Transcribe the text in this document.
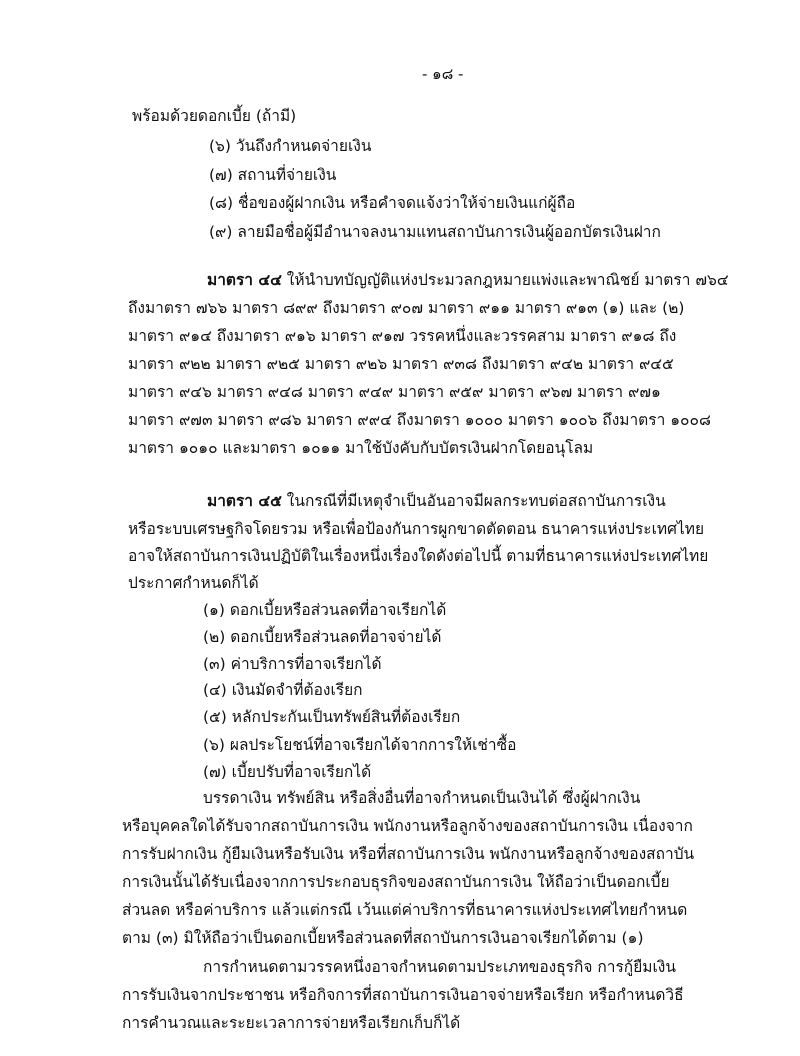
- ๑๘ -
พร้อมด้วยดอกเบี้ย (ถ้ามี)
(๖) วันถึงกำหนดจ่ายเงิน
(๗) สถานที่จ่ายเงิน
(๘) ชื่อของผู้ฝากเงิน หรือคำจดแจ้งว่าให้จ่ายเงินแก่ผู้ถือ
(๙) ลายมือชื่อผู้มีอำนาจลงนามแทนสถาบันการเงินผู้ออกบัตรเงินฝาก
มาตรา ๔๔ ให้นำบทบัญญัติแห่งประมวลกฎหมายแพ่งและพาณิชย์ มาตรา ๗๖๔
ถึงมาตรา ๗๖๖ มาตรา ๘๙๙ ถึงมาตรา ๙๐๗ มาตรา ๙๑๑ มาตรา ๙๑๓ (๑) และ (๒)
มาตรา ๙๑๔ ถึงมาตรา ๙๑๖ มาตรา ๙๑๗ วรรคหนึ่งและวรรคสาม มาตรา ๙๑๘ ถึง
มาตรา ๙๒๒ มาตรา ๙๒๕ มาตรา ๙๒๖ มาตรา ๙๓๘ ถึงมาตรา ๙๔๒ มาตรา ๙๔๕
มาตรา ๙๔๖ มาตรา ๙๔๘ มาตรา ๙๔๙ มาตรา ๙๕๙ มาตรา ๙๖๗ มาตรา ๙๗๑
มาตรา ๙๗๓ มาตรา ๙๘๖ มาตรา ๙๙๔ ถึงมาตรา ๑๐๐๐ มาตรา ๑๐๐๖ ถึงมาตรา ๑๐๐๘
มาตรา ๑๐๑๐ และมาตรา ๑๐๑๑ มาใช้บังคับกับบัตรเงินฝากโดยอนุโลม
มาตรา ๔๕ ในกรณีที่มีเหตุจำเป็นอันอาจมีผลกระทบต่อสถาบันการเงิน
หรือระบบเศรษฐกิจโดยรวม หรือเพื่อป้องกันการผูกขาดตัดตอน ธนาคารแห่งประเทศไทย
อาจให้สถาบันการเงินปฏิบัติในเรื่องหนึ่งเรื่องใดดังต่อไปนี้ ตามที่ธนาคารแห่งประเทศไทย
ประกาศกำหนดก็ได้
(๑) ดอกเบี้ยหรือส่วนลดที่อาจเรียกได้
(๒) ดอกเบี้ยหรือส่วนลดที่อาจจ่ายได้
(๓) ค่าบริการที่อาจเรียกได้
(๔) เงินมัดจำที่ต้องเรียก
(๕) หลักประกันเป็นทรัพย์สินที่ต้องเรียก
(๖) ผลประโยชน์ที่อาจเรียกได้จากการให้เช่าซื้อ
(๗) เบี้ยปรับที่อาจเรียกได้
บรรดาเงิน ทรัพย์สิน หรือสิ่งอื่นที่อาจกำหนดเป็นเงินได้ ซึ่งผู้ฝากเงิน
หรือบุคคลใดได้รับจากสถาบันการเงิน พนักงานหรือลูกจ้างของสถาบันการเงิน เนื่องจาก
การรับฝากเงิน กู้ยืมเงินหรือรับเงิน หรือที่สถาบันการเงิน พนักงานหรือลูกจ้างของสถาบัน
การเงินนั้นได้รับเนื่องจากการประกอบธุรกิจของสถาบันการเงิน ให้ถือว่าเป็นดอกเบี้ย
ส่วนลด หรือค่าบริการ แล้วแต่กรณี เว้นแต่ค่าบริการที่ธนาคารแห่งประเทศไทยกำหนด
ตาม (๓) มิให้ถือว่าเป็นดอกเบี้ยหรือส่วนลดที่สถาบันการเงินอาจเรียกได้ตาม (๑)
การกำหนดตามวรรคหนึ่งอาจกำหนดตามประเภทของธุรกิจ การกู้ยืมเงิน
การรับเงินจากประชาชน หรือกิจการที่สถาบันการเงินอาจจ่ายหรือเรียก หรือกำหนดวิธี
การคำนวณและระยะเวลาการจ่ายหรือเรียกเก็บก็ได้
